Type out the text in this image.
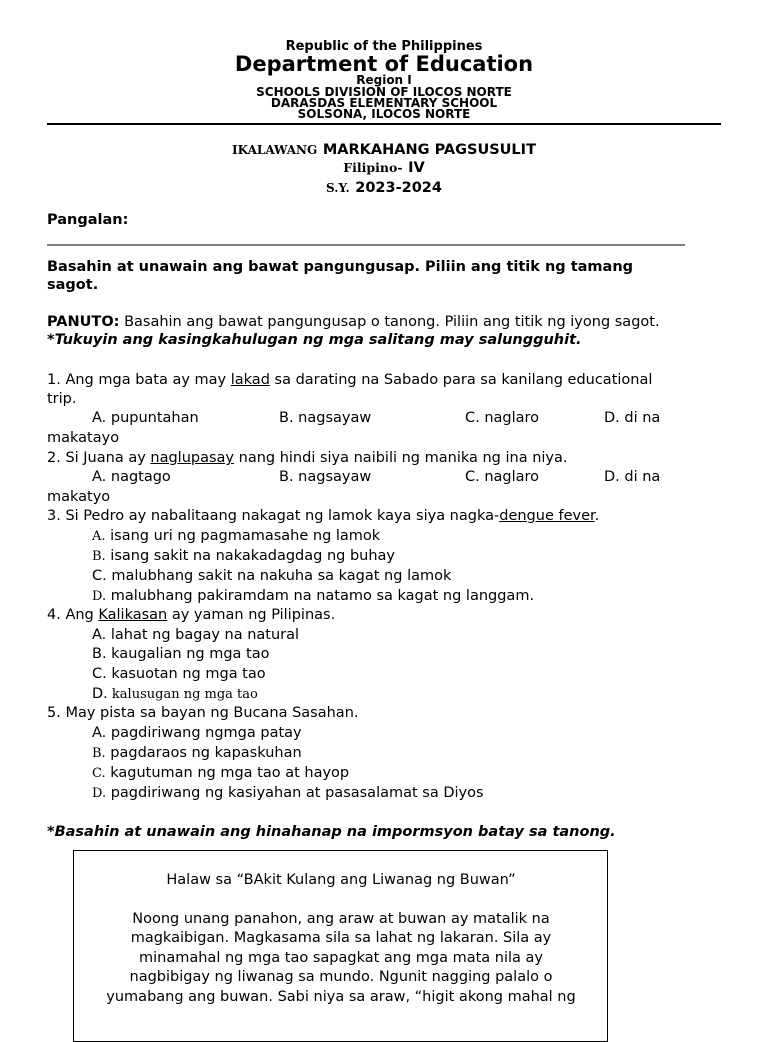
Republic of the Philippines
Department of Education
Region I
SCHOOLS DIVISION OF ILOCOS NORTE
DARASDAS ELEMENTARY SCHOOL
SOLSONA, ILOCOS NORTE
IKALAWANG MARKAHANG PAGSUSULIT
Filipino- IV
S.Y. 2023-2024
Pangalan:
________________________________________________________________________________________
Basahin at unawain ang bawat pangungusap. Piliin ang titik ng tamang
sagot.
PANUTO: Basahin ang bawat pangungusap o tanong. Piliin ang titik ng iyong sagot.
*Tukuyin ang kasingkahulugan ng mga salitang may salungguhit.
1. Ang mga bata ay may lakad sa darating na Sabado para sa kanilang educational
trip.
A. pupuntahan	B. nagsayaw	C. naglaro	D. di na
makatayo
2. Si Juana ay naglupasay nang hindi siya naibili ng manika ng ina niya.
A. nagtago	B. nagsayaw	C. naglaro	D. di na
makatyo
3. Si Pedro ay nabalitaang nakagat ng lamok kaya siya nagka-dengue fever.
A. isang uri ng pagmamasahe ng lamok
B. isang sakit na nakakadagdag ng buhay
C. malubhang sakit na nakuha sa kagat ng lamok
D. malubhang pakiramdam na natamo sa kagat ng langgam.
4. Ang Kalikasan ay yaman ng Pilipinas.
A. lahat ng bagay na natural
B. kaugalian ng mga tao
C. kasuotan ng mga tao
D. kalusugan ng mga tao
5. May pista sa bayan ng Bucana Sasahan.
A. pagdiriwang ngmga patay
B. pagdaraos ng kapaskuhan
C. kagutuman ng mga tao at hayop
D. pagdiriwang ng kasiyahan at pasasalamat sa Diyos
*Basahin at unawain ang hinahanap na impormsyon batay sa tanong.
Halaw sa “BAkit Kulang ang Liwanag ng Buwan”
Noong unang panahon, ang araw at buwan ay matalik na
magkaibigan. Magkasama sila sa lahat ng lakaran. Sila ay
minamahal ng mga tao sapagkat ang mga mata nila ay
nagbibigay ng liwanag sa mundo. Ngunit nagging palalo o
yumabang ang buwan. Sabi niya sa araw, “higit akong mahal ng
